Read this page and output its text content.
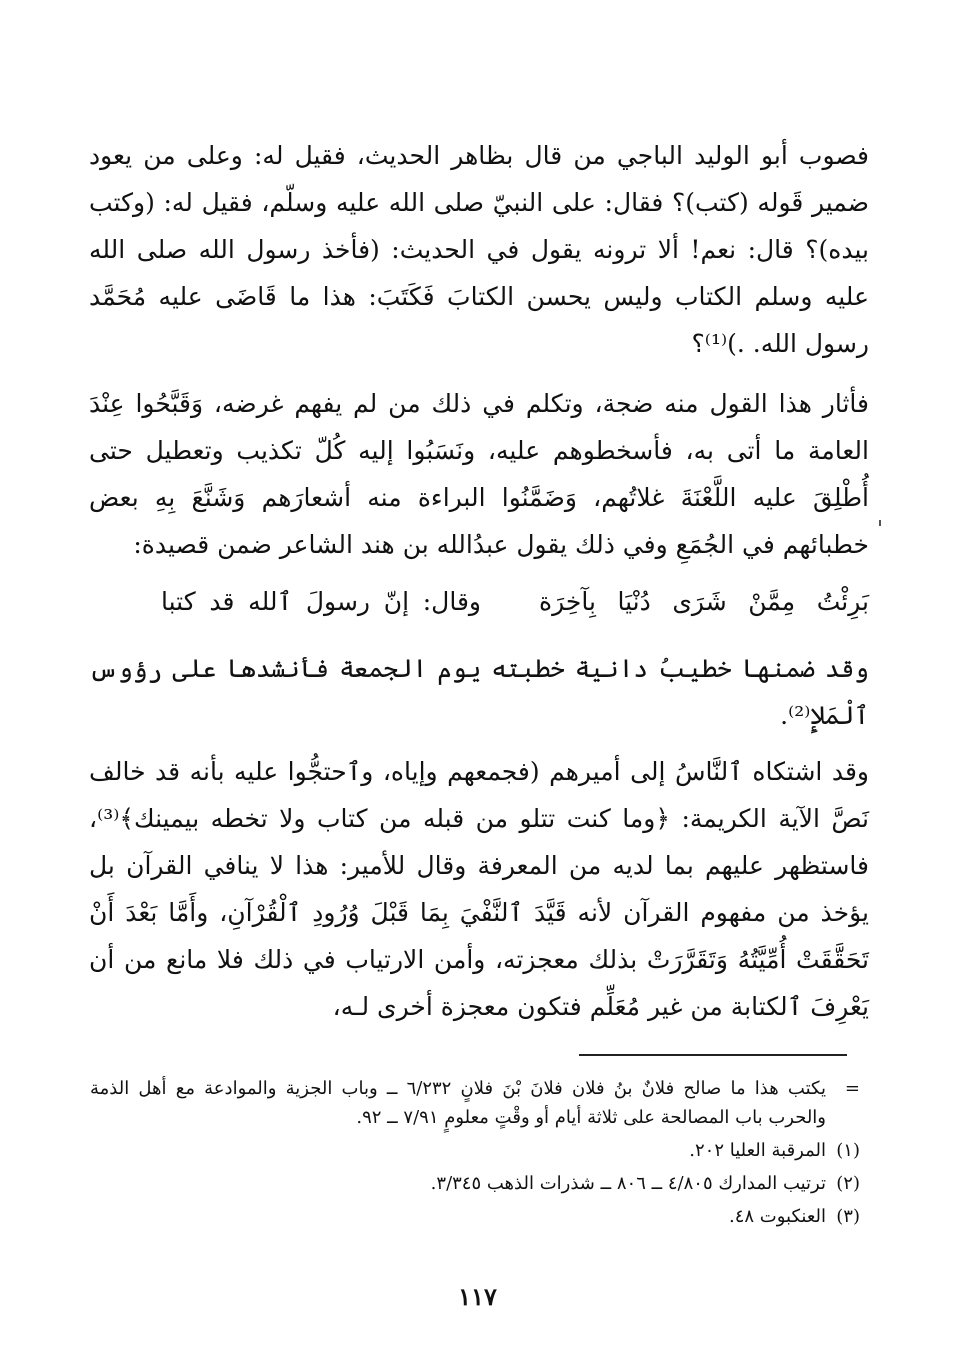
فصوب أبو الوليد الباجي من قال بظاهر الحديث، فقيل له: وعلى من يعود ضمير قَوله (كتب)؟ فقال: على النبيّ صلى الله عليه وسلّم، فقيل له: (وكتب بيده)؟ قال: نعم! ألا ترونه يقول في الحديث: (فأخذ رسول الله صلى الله عليه وسلم الكتاب وليس يحسن الكتابَ فَكَتَبَ: هذا ما قَاضَى عليه مُحَمَّد رسول الله. .)⁽¹⁾؟

فأثار هذا القول منه ضجة، وتكلم في ذلك من لم يفهم غرضه، وَقَبَّحُوا عِنْدَ العامة ما أتى به، فأسخطوهم عليه، ونَسَبُوا إليه كُلّ تكذيب وتعطيل حتى أُطْلِقَ عليه اللَّعْنَةَ غلاتُهم، وَضَمَّنُوا البراءة منه أشعارَهم وَشَنَّعَ بِهِ بعض خطبائهم في الجُمَعِ وفي ذلك يقول عبدُالله بن هند الشاعر ضمن قصيدة:

بَرِئْتُ مِمَّنْ شَرَى دُنْيَا بِآخِرَة
وقال: إنّ رسولَ ٱلله قد كتبا

وقد ضمنها خطيبُ دانية خطبته يوم الجمعة فأنشدها على رؤوس ٱلْمَلإِ⁽²⁾.

وقد اشتكاه ٱلنَّاسُ إلى أميرهم (فجمعهم وإياه، وٱحتجُّوا عليه بأنه قد خالف نَصَّ الآية الكريمة: ﴿وما كنت تتلو من قبله من كتاب ولا تخطه بيمينك﴾⁽³⁾، فاستظهر عليهم بما لديه من المعرفة وقال للأمير: هذا لا ينافي القرآن بل يؤخذ من مفهوم القرآن لأنه قَيَّدَ ٱلنَّفْيَ بِمَا قَبْلَ وُرُودِ ٱلْقُرْآنِ، وأَمَّا بَعْدَ أَنْ تَحَقَّقَتْ أُمِّيَّتُهُ وَتَقَرَّرَتْ بذلك معجزته، وأمن الارتياب في ذلك فلا مانع من أن يَعْرِفَ ٱلكتابة من غير مُعَلِّم فتكون معجزة أخرى لـه،

=
يكتب هذا ما صالح فلانٌ بنُ فلان فلانَ بْنَ فلانٍ ٦/٢٣٢ ــ وباب الجزية والموادعة مع أهل الذمة والحرب باب المصالحة على ثلاثة أيام أو وقْتٍ معلومٍ ٧/٩١ ــ ٩٢.
(١)
المرقبة العليا ٢٠٢.
(٢)
ترتيب المدارك ٤/٨٠٥ ــ ٨٠٦ ــ شذرات الذهب ٣/٣٤٥.
(٣)
العنكبوت ٤٨.
١١٧
